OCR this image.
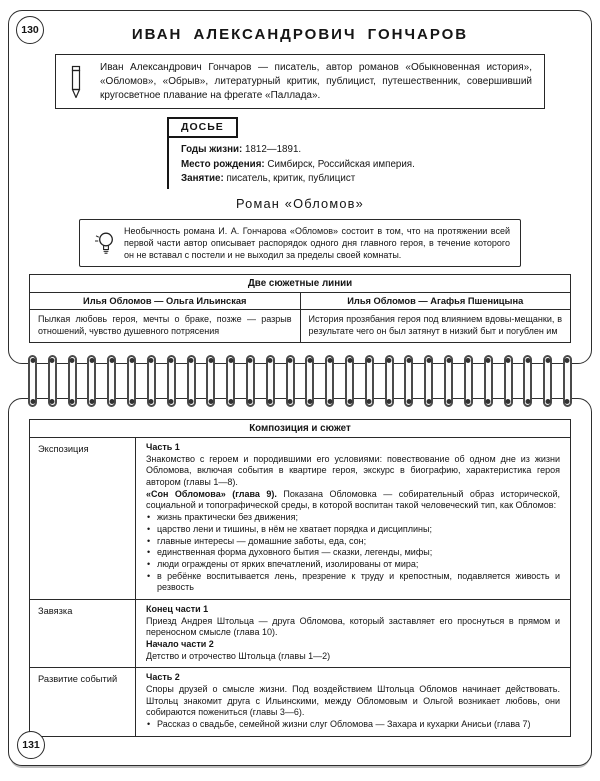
130	ИВАН АЛЕКСАНДРОВИЧ ГОНЧАРОВ
Иван Александрович Гончаров — писатель, автор романов «Обыкновенная история», «Обломов», «Обрыв», литературный критик, публицист, путешественник, совершивший кругосветное плавание на фрегате «Паллада».
ДОСЬЕ
Годы жизни: 1812—1891.
Место рождения: Симбирск, Российская империя.
Занятие: писатель, критик, публицист
Роман «Обломов»
Необычность романа И. А. Гончарова «Обломов» состоит в том, что на протяжении всей первой части автор описывает распорядок одного дня главного героя, в течение которого он не вставал с постели и не выходил за пределы своей комнаты.
Две сюжетные линии	
Илья Обломов — Ольга Ильинская	Илья Обломов — Агафья Пшеницына
Пылкая любовь героя, мечты о браке, позже — разрыв отношений, чувство душевного потрясения	История прозябания героя под влиянием вдовы-мещанки, в результате чего он был затянут в низкий быт и погублен им
Композиция и сюжет	
Экспозиция	Часть 1
Знакомство с героем и породившими его условиями: повествование об одном дне из жизни Обломова, включая события в квартире героя, экскурс в биографию, характеристика героя автором (главы 1—8).
«Сон Обломова» (глава 9). Показана Обломовка — собирательный образ исторической, социальной и топографической среды, в которой воспитан такой человеческий тип, как Обломов:
• жизнь практически без движения;
• царство лени и тишины, в нём не хватает порядка и дисциплины;
• главные интересы — домашние заботы, еда, сон;
• единственная форма духовного бытия — сказки, легенды, мифы;
• люди ограждены от ярких впечатлений, изолированы от мира;
• в ребёнке воспитывается лень, презрение к труду и крепостным, подавляется живость и резвость

Завязка	Конец части 1
Приезд Андрея Штольца — друга Обломова, который заставляет его проснуться в прямом и переносном смысле (глава 10).
Начало части 2
Детство и отрочество Штольца (главы 1—2)

Развитие событий	Часть 2
Споры друзей о смысле жизни. Под воздействием Штольца Обломов начинает действовать. Штольц знакомит друга с Ильинскими, между Обломовым и Ольгой возникает любовь, они собираются пожениться (главы 3—6).
• Рассказ о свадьбе, семейной жизни слуг Обломова — Захара и кухарки Анисьи (глава 7)
131
